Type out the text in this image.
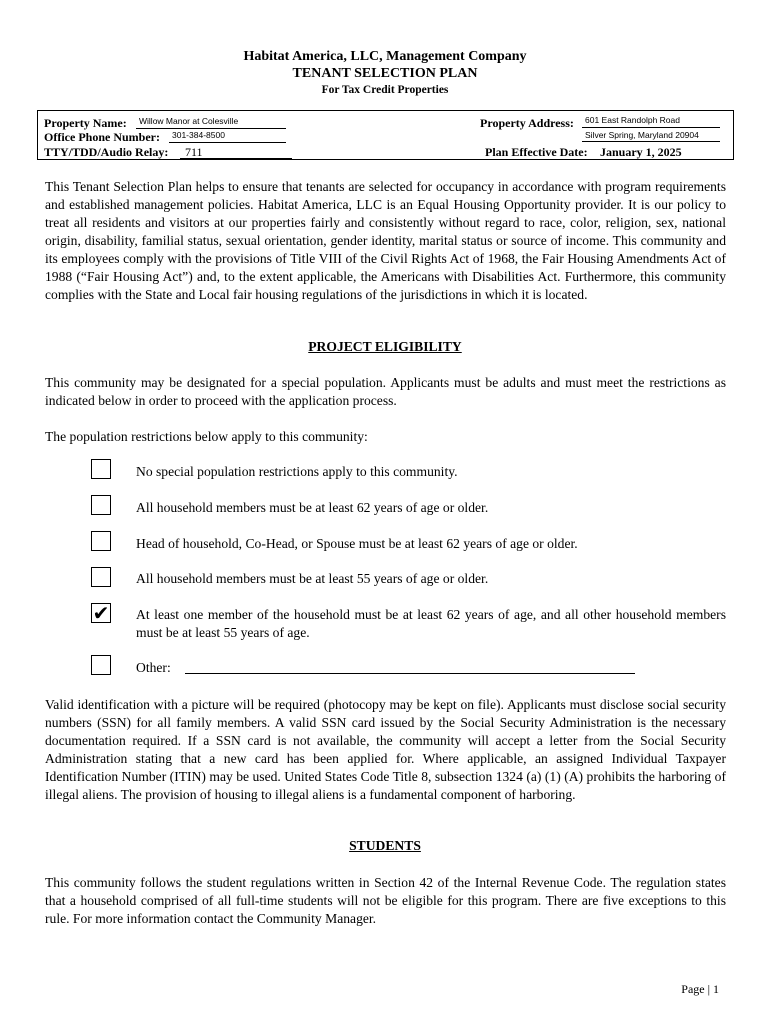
Habitat America, LLC, Management Company
TENANT SELECTION PLAN
For Tax Credit Properties
Property Name: Willow Manor at Colesville
Office Phone Number: 301-384-8500
TTY/TDD/Audio Relay: 711
Property Address: 601 East Randolph Road
Silver Spring, Maryland 20904
Plan Effective Date: January 1, 2025

This Tenant Selection Plan helps to ensure that tenants are selected for occupancy in accordance with program requirements and established management policies. Habitat America, LLC is an Equal Housing Opportunity provider. It is our policy to treat all residents and visitors at our properties fairly and consistently without regard to race, color, religion, sex, national origin, disability, familial status, sexual orientation, gender identity, marital status or source of income. This community and its employees comply with the provisions of Title VIII of the Civil Rights Act of 1968, the Fair Housing Amendments Act of 1988 (“Fair Housing Act”) and, to the extent applicable, the Americans with Disabilities Act. Furthermore, this community complies with the State and Local fair housing regulations of the jurisdictions in which it is located.

PROJECT ELIGIBILITY

This community may be designated for a special population. Applicants must be adults and must meet the restrictions as indicated below in order to proceed with the application process.

The population restrictions below apply to this community:

No special population restrictions apply to this community.
All household members must be at least 62 years of age or older.
Head of household, Co-Head, or Spouse must be at least 62 years of age or older.
All household members must be at least 55 years of age or older.
✔ At least one member of the household must be at least 62 years of age, and all other household members must be at least 55 years of age.
Other:

Valid identification with a picture will be required (photocopy may be kept on file). Applicants must disclose social security numbers (SSN) for all family members. A valid SSN card issued by the Social Security Administration is the necessary documentation required. If a SSN card is not available, the community will accept a letter from the Social Security Administration stating that a new card has been applied for. Where applicable, an assigned Individual Taxpayer Identification Number (ITIN) may be used. United States Code Title 8, subsection 1324 (a) (1) (A) prohibits the harboring of illegal aliens. The provision of housing to illegal aliens is a fundamental component of harboring.

STUDENTS

This community follows the student regulations written in Section 42 of the Internal Revenue Code. The regulation states that a household comprised of all full-time students will not be eligible for this program. There are five exceptions to this rule. For more information contact the Community Manager.

Page | 1
